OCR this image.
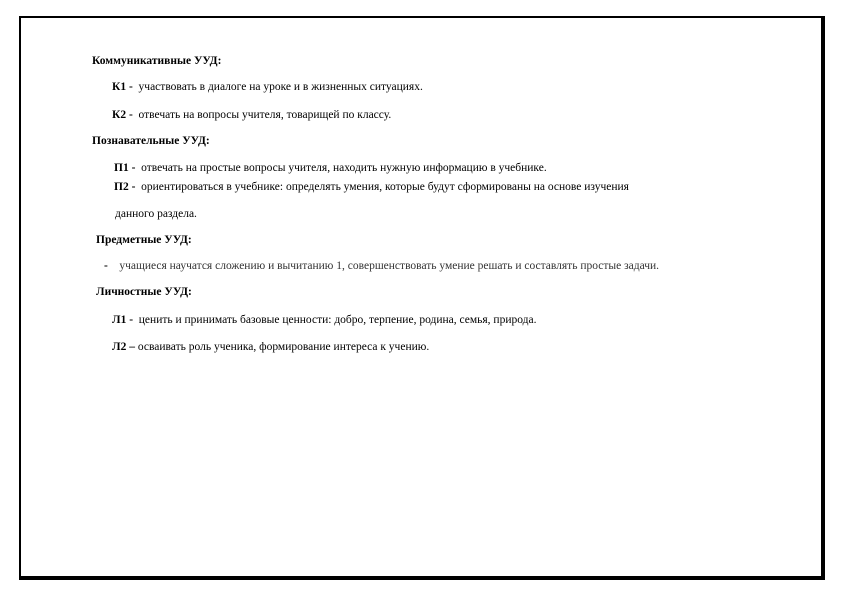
Коммуникативные УУД:
К1 - участвовать в диалоге на уроке и в жизненных ситуациях.
К2 - отвечать на вопросы учителя, товарищей по классу.
Познавательные УУД:
П1 - отвечать на простые вопросы учителя, находить нужную информацию в учебнике.
П2 - ориентироваться в учебнике: определять умения, которые будут сформированы на основе изучения
данного раздела.
Предметные УУД:
- учащиеся научатся сложению и вычитанию 1, совершенствовать умение решать и составлять простые задачи.
Личностные УУД:
Л1 - ценить и принимать базовые ценности: добро, терпение, родина, семья, природа.
Л2 – осваивать роль ученика, формирование интереса к учению.
